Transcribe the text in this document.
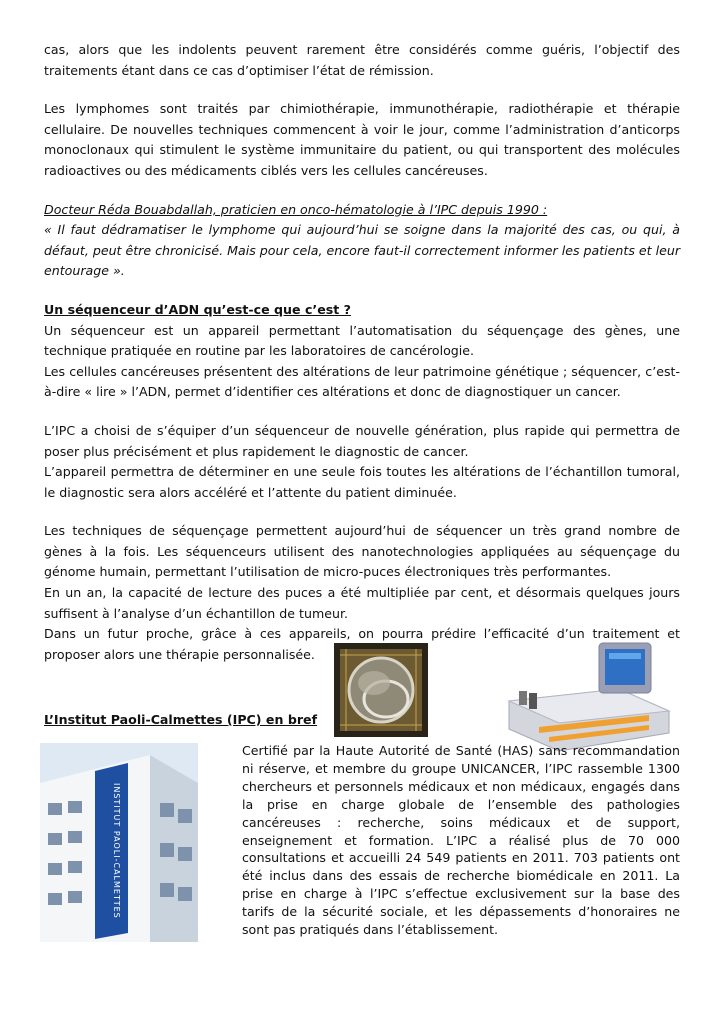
cas, alors que les indolents peuvent rarement être considérés comme guéris, l’objectif des traitements étant dans ce cas d’optimiser l’état de rémission.

Les lymphomes sont traités par chimiothérapie, immunothérapie, radiothérapie et thérapie cellulaire. De nouvelles techniques commencent à voir le jour, comme l’administration d’anticorps monoclonaux qui stimulent le système immunitaire du patient, ou qui transportent des molécules radioactives ou des médicaments ciblés vers les cellules cancéreuses.

Docteur Réda Bouabdallah, praticien en onco-hématologie à l’IPC depuis 1990 :

« Il faut dédramatiser le lymphome qui aujourd’hui se soigne dans la majorité des cas, ou qui, à défaut, peut être chronicisé. Mais pour cela, encore faut-il correctement informer les patients et leur entourage ».

Un séquenceur d’ADN qu’est-ce que c’est ?

Un séquenceur est un appareil permettant l’automatisation du séquençage des gènes, une technique pratiquée en routine par les laboratoires de cancérologie.

Les cellules cancéreuses présentent des altérations de leur patrimoine génétique ; séquencer, c’est-à-dire « lire » l’ADN, permet d’identifier ces altérations et donc de diagnostiquer un cancer.

L’IPC a choisi de s’équiper d’un séquenceur de nouvelle génération, plus rapide qui permettra de poser plus précisément et plus rapidement le diagnostic de cancer.

L’appareil permettra de déterminer en une seule fois toutes les altérations de l’échantillon tumoral, le diagnostic sera alors accéléré et l’attente du patient diminuée.

Les techniques de séquençage permettent aujourd’hui de séquencer un très grand nombre de gènes à la fois. Les séquenceurs utilisent des nanotechnologies appliquées au séquençage du génome humain, permettant l’utilisation de micro-puces électroniques très performantes.

En un an, la capacité de lecture des puces a été multipliée par cent, et désormais quelques jours suffisent à l’analyse d’un échantillon de tumeur.

Dans un futur proche, grâce à ces appareils, on pourra prédire l’efficacité d’un traitement et proposer alors une thérapie personnalisée.

L’Institut Paoli-Calmettes (IPC) en bref
INSTITUT PAOLI-CALMETTES

Certifié par la Haute Autorité de Santé (HAS) sans recommandation ni réserve, et membre du groupe UNICANCER, l’IPC rassemble 1300 chercheurs et personnels médicaux et non médicaux, engagés dans la prise en charge globale de l’ensemble des pathologies cancéreuses : recherche, soins médicaux et de support, enseignement et formation. L’IPC a réalisé plus de 70 000 consultations et accueilli 24 549 patients en 2011. 703 patients ont été inclus dans des essais de recherche biomédicale en 2011. La prise en charge à l’IPC s’effectue exclusivement sur la base des tarifs de la sécurité sociale, et les dépassements d’honoraires ne sont pas pratiqués dans l’établissement.
